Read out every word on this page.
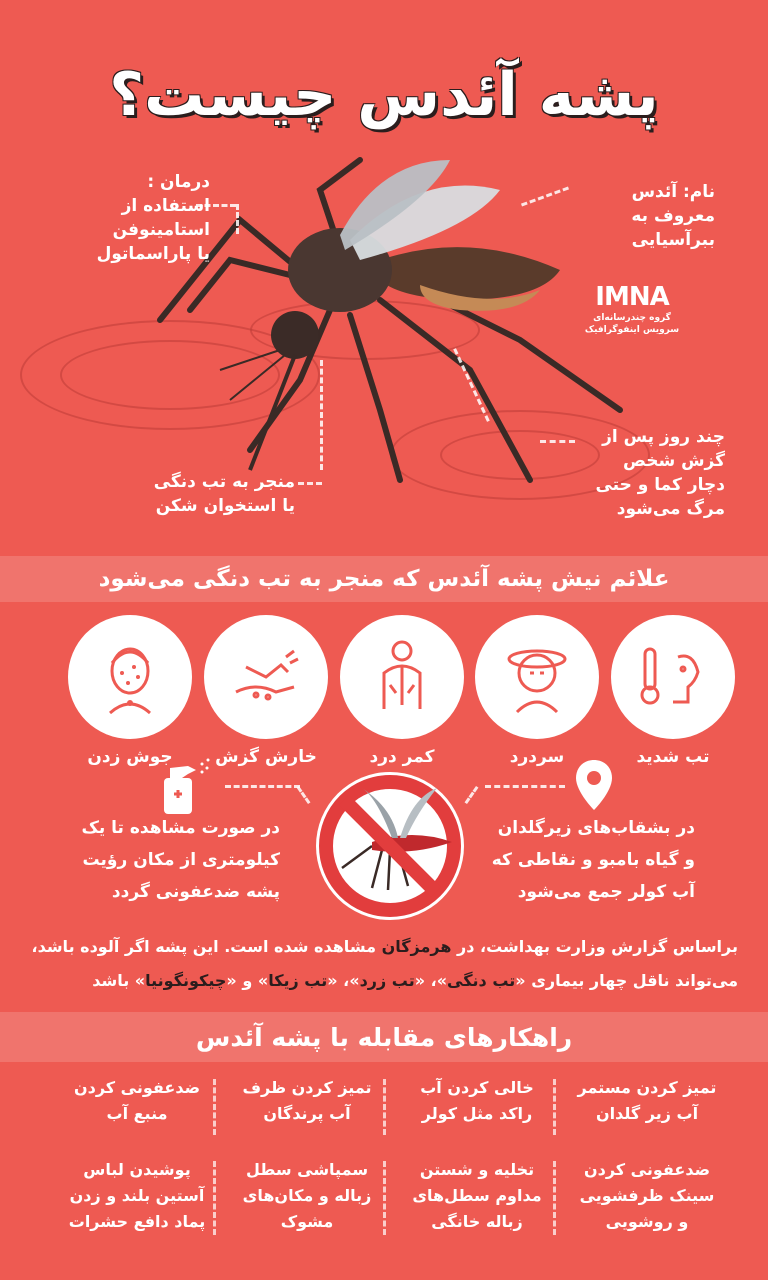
پشه آئدس چیست؟
درمان :
استفاده از
استامینوفن
یا پاراسماتول
نام: آئدس
معروف به
ببرآسیایی
IMNA
گروه چندرسانه‌ای
سرویس اینفوگرافیک
چند روز پس از
گزش شخص
دچار کما و حتی
مرگ می‌شود
منجر به تب دنگی
یا استخوان شکن
علائم نیش پشه آئدس که منجر به تب دنگی می‌شود
تب شدید
سردرد
کمر درد
خارش گزش
جوش زدن
در بشقاب‌های زیرگلدان
و گیاه بامبو و نقاطی که
آب کولر جمع می‌شود
در صورت مشاهده تا یک
کیلومتری از مکان رؤیت
پشه ضدعفونی گردد
براساس گزارش وزارت بهداشت، در هرمزگان مشاهده شده است. این پشه اگر آلوده باشد،
می‌تواند ناقل چهار بیماری «تب دنگی»، «تب زرد»، «تب زیکا» و «چیکونگونیا» باشد
راهکارهای مقابله با پشه آئدس
تمیز کردن مستمر
آب زیر گلدان
خالی کردن آب
راکد مثل کولر
تمیز کردن ظرف
آب پرندگان
ضدعفونی کردن
منبع آب
ضدعفونی کردن
سینک ظرفشویی
و روشویی
تخلیه و شستن
مداوم سطل‌های
زباله خانگی
سمپاشی سطل
زباله و مکان‌های
مشوک
پوشیدن لباس
آستین بلند و زدن
پماد دافع حشرات
